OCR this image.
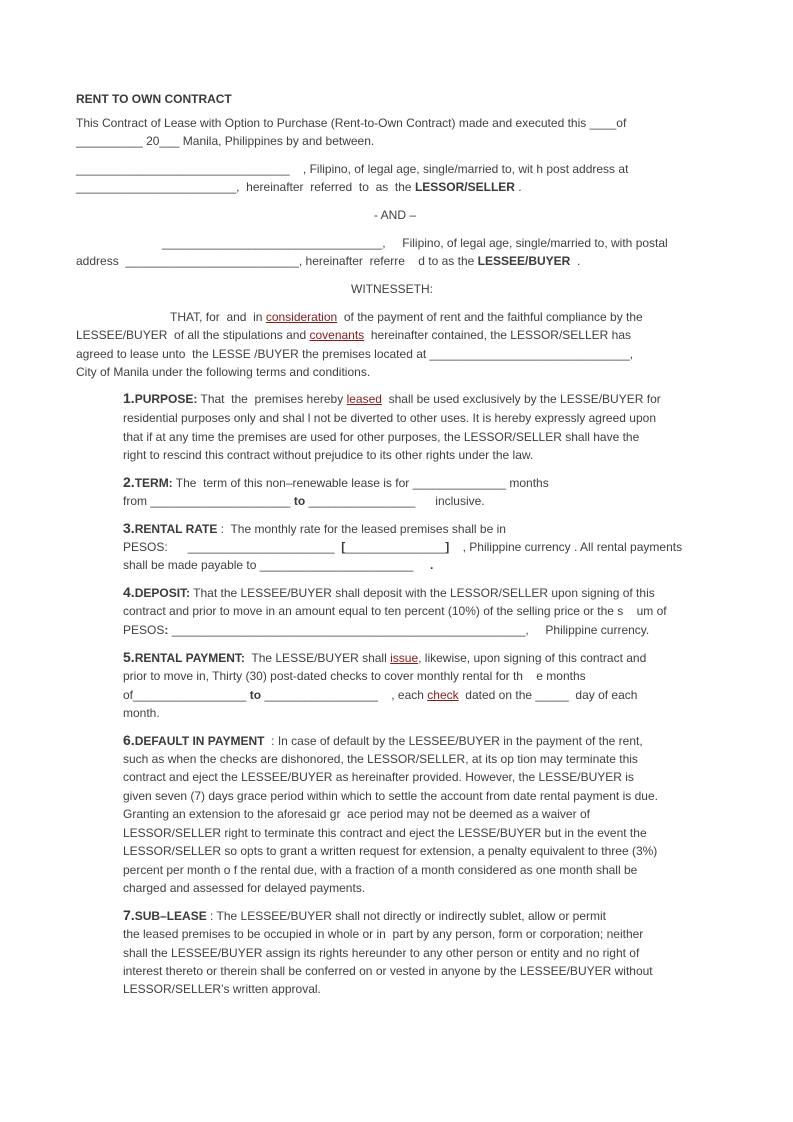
RENT TO OWN CONTRACT
This Contract of Lease with Option to Purchase (Rent-to-Own Contract) made and executed this ____of
__________ 20___ Manila, Philippines by and between.
________________________________    , Filipino, of legal age, single/married to, wit h post address at
________________________,  hereinafter  referred  to  as  the LESSOR/SELLER .
- AND –
_________________________________,     Filipino, of legal age, single/married to, with postal
address  __________________________, hereinafter  referre    d to as the LESSEE/BUYER  .
WITNESSETH:
THAT, for  and  in consideration  of the payment of rent and the faithful compliance by the
LESSEE/BUYER  of all the stipulations and covenants  hereinafter contained, the LESSOR/SELLER has
agreed to lease unto  the LESSE /BUYER the premises located at ______________________________,
City of Manila under the following terms and conditions.
1.PURPOSE: That  the  premises hereby leased  shall be used exclusively by the LESSE/BUYER for
residential purposes only and shal l not be diverted to other uses. It is hereby expressly agreed upon
that if at any time the premises are used for other purposes, the LESSOR/SELLER shall have the
right to rescind this contract without prejudice to its other rights under the law.
2.TERM: The  term of this non–renewable lease is for ______________ months
from _____________________ to ________________      inclusive.
3.RENTAL RATE :  The monthly rate for the leased premises shall be in
PESOS:      ______________________  [_______________]    , Philippine currency . All rental payments
shall be made payable to _______________________     .
4.DEPOSIT: That the LESSEE/BUYER shall deposit with the LESSOR/SELLER upon signing of this
contract and prior to move in an amount equal to ten percent (10%) of the selling price or the s    um of
PESOS: _____________________________________________________,     Philippine currency.
5.RENTAL PAYMENT:  The LESSE/BUYER shall issue, likewise, upon signing of this contract and
prior to move in, Thirty (30) post-dated checks to cover monthly rental for th    e months
of_________________ to _________________    , each check  dated on the _____  day of each
month.
6.DEFAULT IN PAYMENT  : In case of default by the LESSEE/BUYER in the payment of the rent,
such as when the checks are dishonored, the LESSOR/SELLER, at its op tion may terminate this
contract and eject the LESSEE/BUYER as hereinafter provided. However, the LESSE/BUYER is
given seven (7) days grace period within which to settle the account from date rental payment is due.
Granting an extension to the aforesaid gr  ace period may not be deemed as a waiver of
LESSOR/SELLER right to terminate this contract and eject the LESSE/BUYER but in the event the
LESSOR/SELLER so opts to grant a written request for extension, a penalty equivalent to three (3%)
percent per month o f the rental due, with a fraction of a month considered as one month shall be
charged and assessed for delayed payments.
7.SUB–LEASE : The LESSEE/BUYER shall not directly or indirectly sublet, allow or permit
the leased premises to be occupied in whole or in  part by any person, form or corporation; neither
shall the LESSEE/BUYER assign its rights hereunder to any other person or entity and no right of
interest thereto or therein shall be conferred on or vested in anyone by the LESSEE/BUYER without
LESSOR/SELLER’s written approval.
